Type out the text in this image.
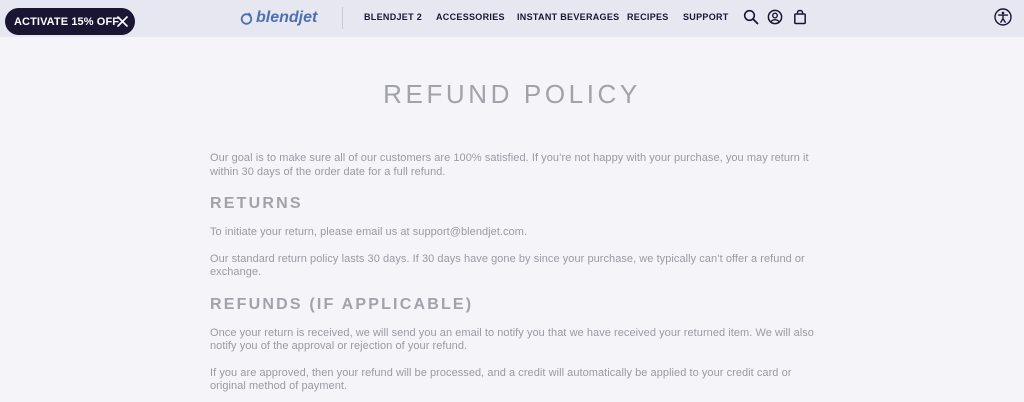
ACTIVATE 15% OFF	blendjet	BLENDJET 2 ACCESSORIES INSTANT BEVERAGES RECIPES SUPPORT
REFUND POLICY

Our goal is to make sure all of our customers are 100% satisfied. If you’re not happy with your purchase, you may return it within 30 days of the order date for a full refund.

RETURNS

To initiate your return, please email us at support@blendjet.com.

Our standard return policy lasts 30 days. If 30 days have gone by since your purchase, we typically can’t offer a refund or exchange.

REFUNDS (IF APPLICABLE)

Once your return is received, we will send you an email to notify you that we have received your returned item. We will also notify you of the approval or rejection of your refund.

If you are approved, then your refund will be processed, and a credit will automatically be applied to your credit card or original method of payment.
